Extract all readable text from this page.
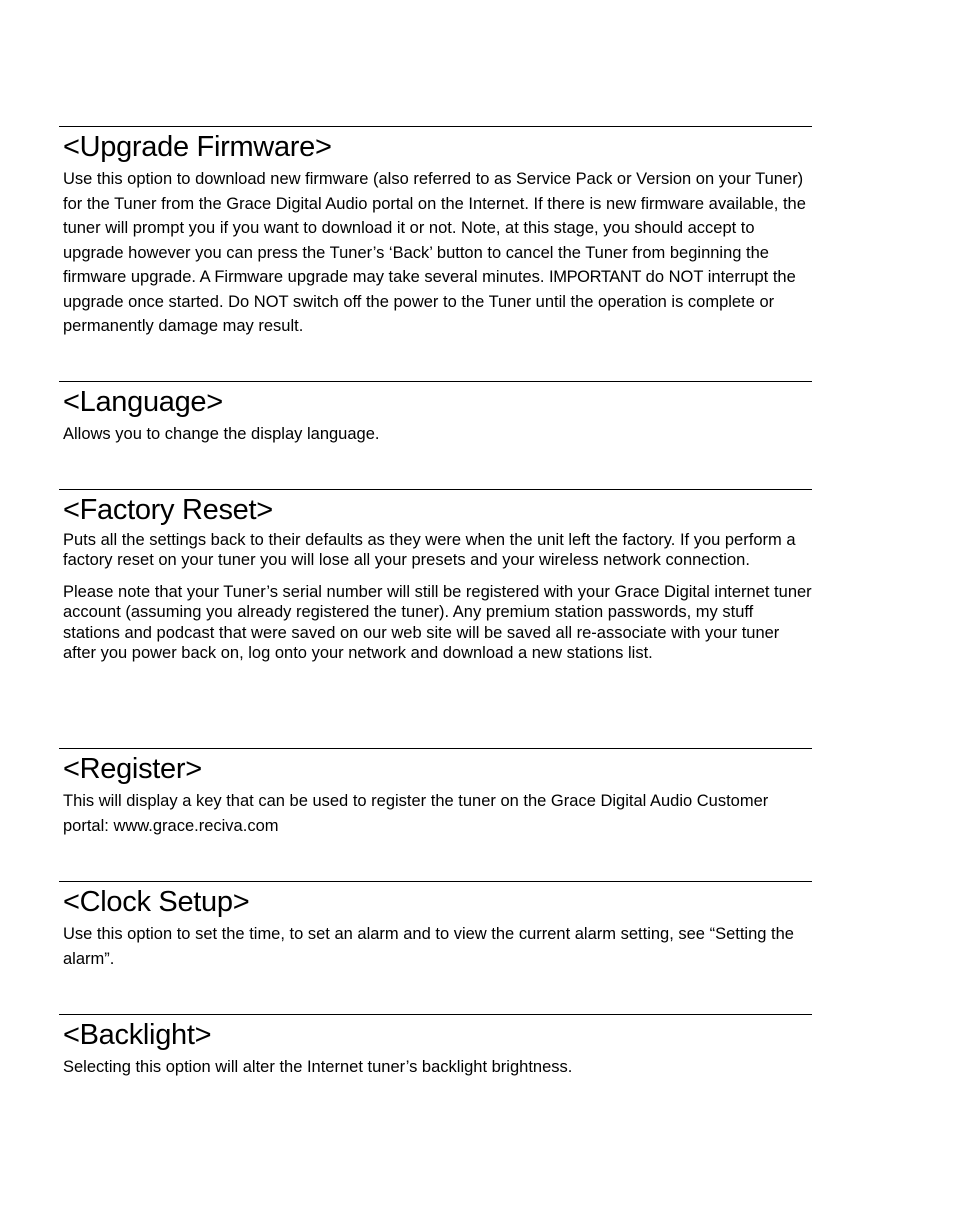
<Upgrade Firmware>

Use this option to download new firmware (also referred to as Service Pack or Version on your Tuner) for the Tuner from the Grace Digital Audio portal on the Internet. If there is new firmware available, the tuner will prompt you if you want to download it or not. Note, at this stage, you should accept to upgrade however you can press the Tuner’s ‘Back’ button to cancel the Tuner from beginning the firmware upgrade. A Firmware upgrade may take several minutes. IMPORTANT do NOT interrupt the upgrade once started. Do NOT switch off the power to the Tuner until the operation is complete or permanently damage may result.

<Language>

Allows you to change the display language.

<Factory Reset>

Puts all the settings back to their defaults as they were when the unit left the factory. If you perform a factory reset on your tuner you will lose all your presets and your wireless network connection.

Please note that your Tuner’s serial number will still be registered with your Grace Digital internet tuner account (assuming you already registered the tuner). Any premium station passwords, my stuff stations and podcast that were saved on our web site will be saved all re-associate with your tuner after you power back on, log onto your network and download a new stations list.

<Register>

This will display a key that can be used to register the tuner on the Grace Digital Audio Customer portal: www.grace.reciva.com

<Clock Setup>

Use this option to set the time, to set an alarm and to view the current alarm setting, see “Setting the alarm”.

<Backlight>

Selecting this option will alter the Internet tuner’s backlight brightness.
